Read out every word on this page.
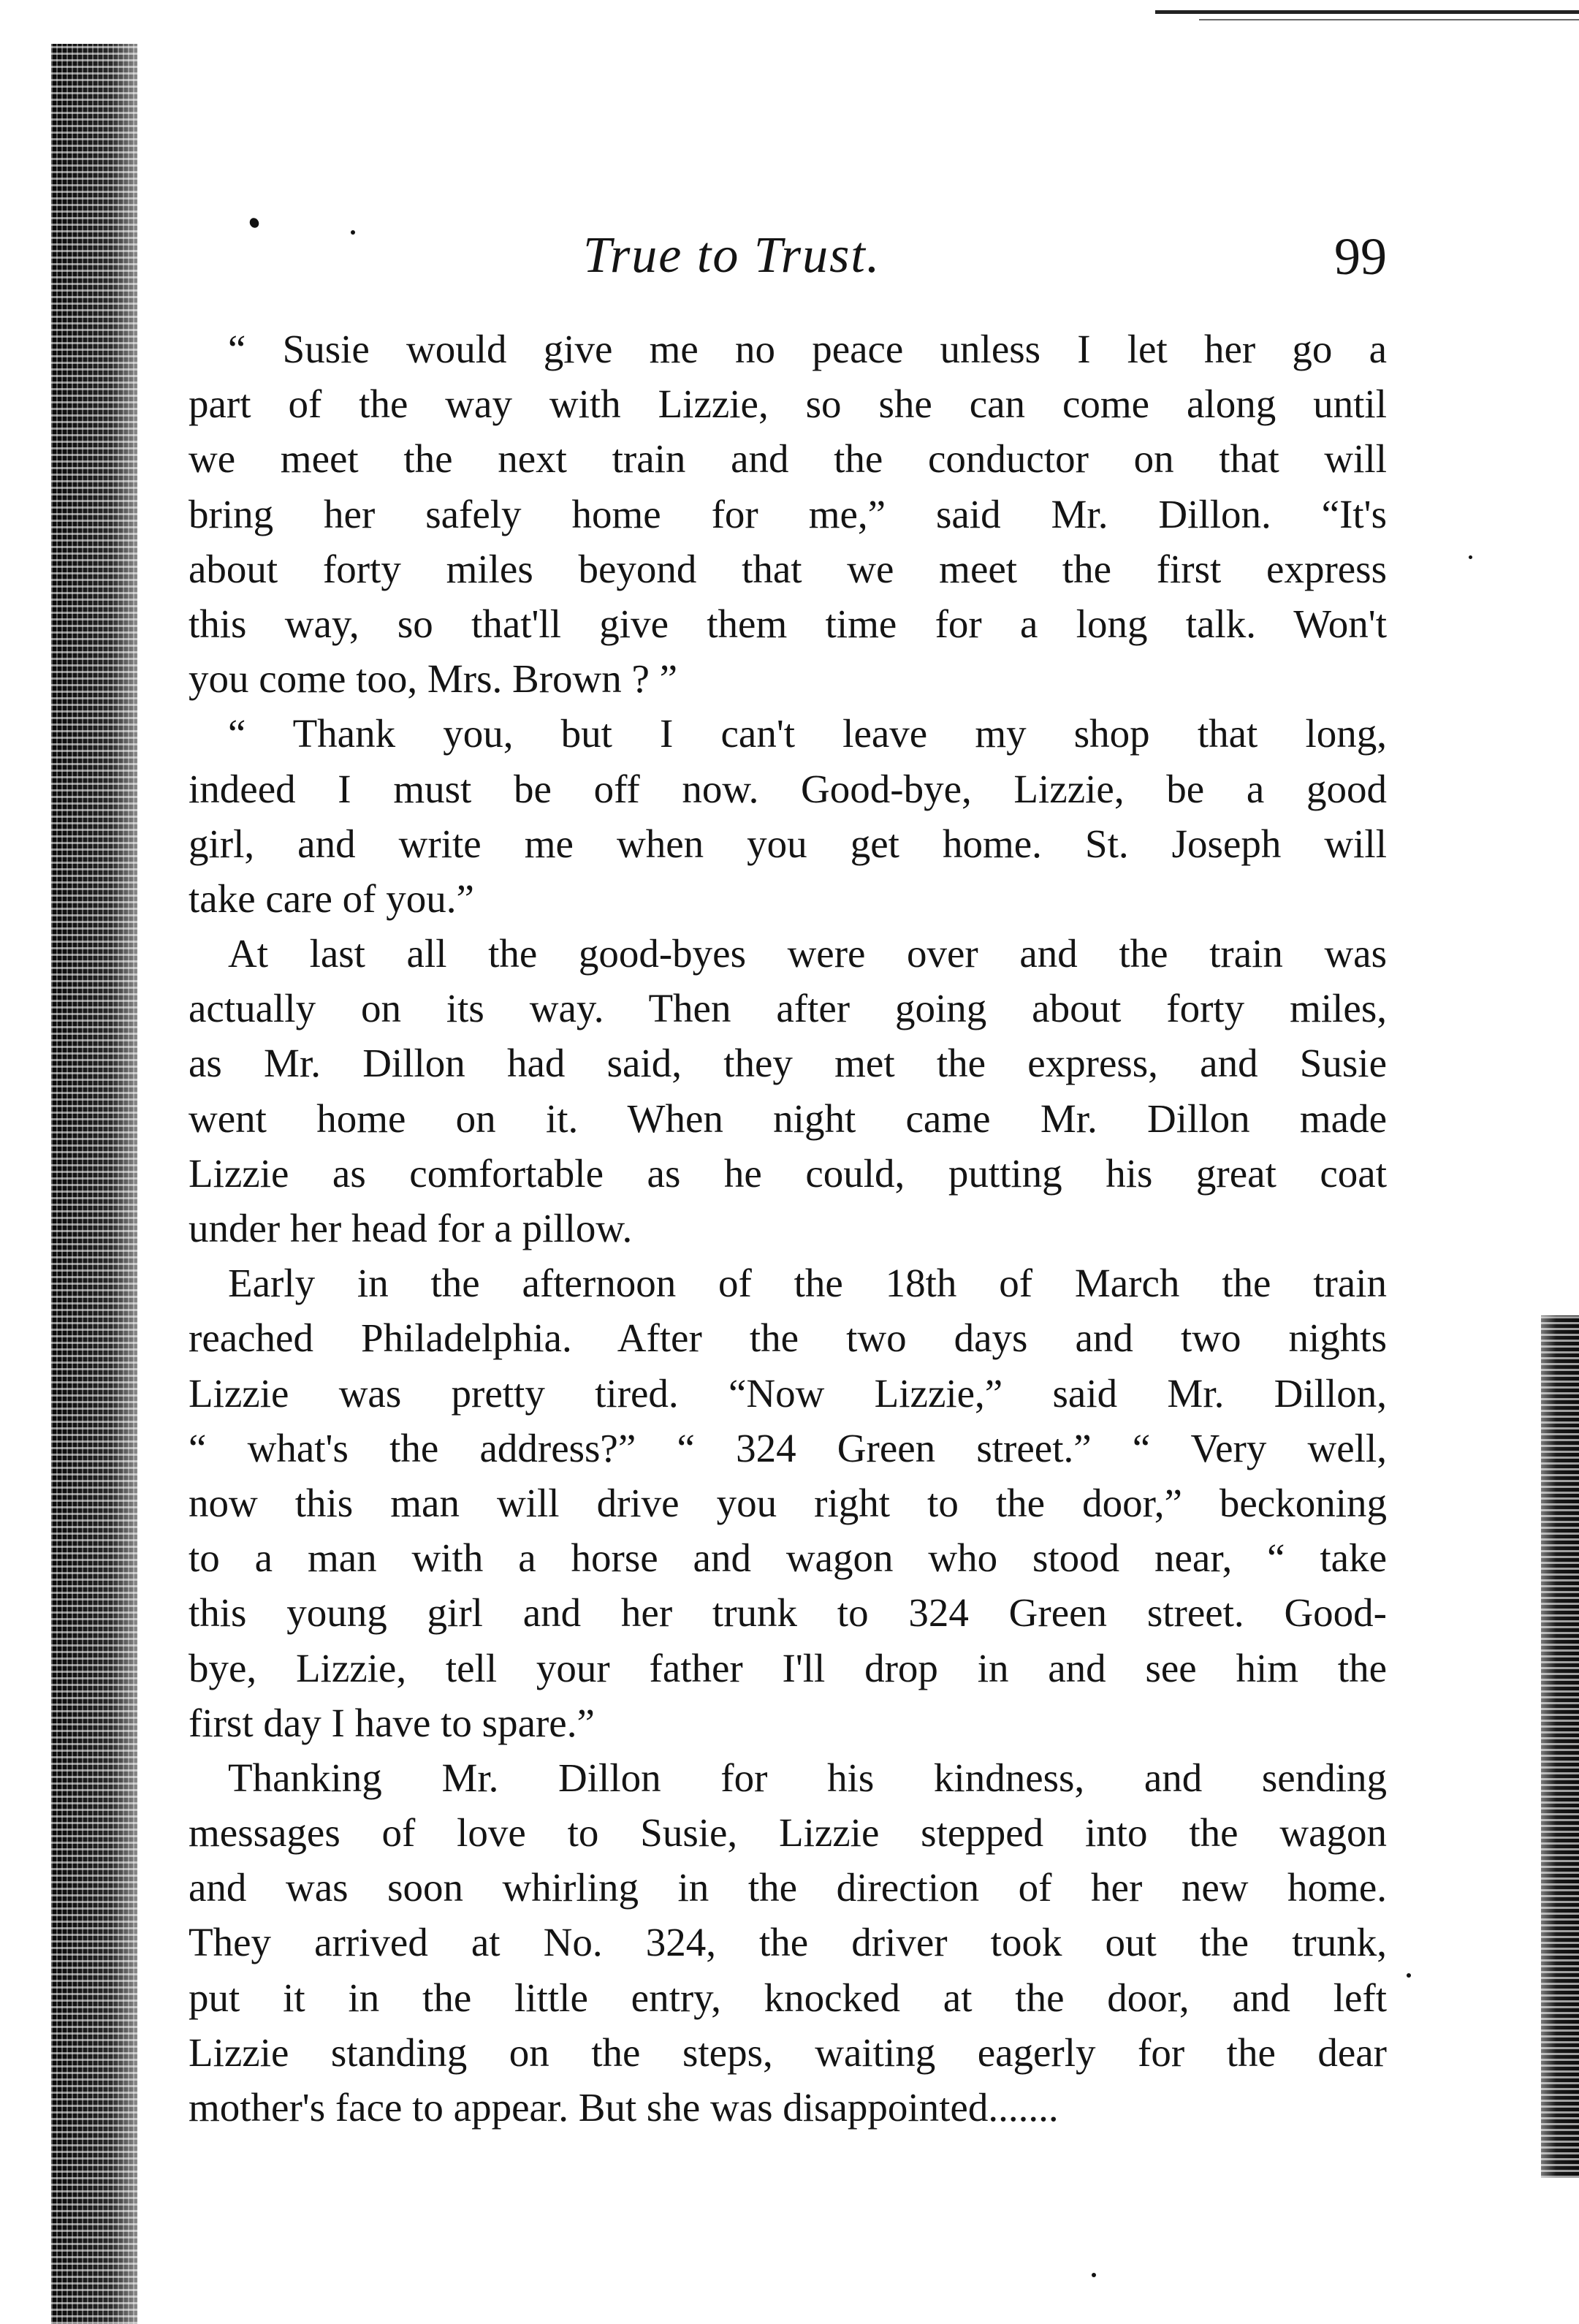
True to Trust.	99
“ Susie would give me no peace unless I let her go a
part of the way with Lizzie, so she can come along until
we meet the next train and the conductor on that will
bring her safely home for me,” said Mr. Dillon. “It's
about forty miles beyond that we meet the first express
this way, so that'll give them time for a long talk. Won't
you come too, Mrs. Brown ? ”
“ Thank you, but I can't leave my shop that long,
indeed I must be off now. Good-bye, Lizzie, be a good
girl, and write me when you get home. St. Joseph will
take care of you.”
At last all the good-byes were over and the train was
actually on its way. Then after going about forty miles,
as Mr. Dillon had said, they met the express, and Susie
went home on it. When night came Mr. Dillon made
Lizzie as comfortable as he could, putting his great coat
under her head for a pillow.
Early in the afternoon of the 18th of March the train
reached Philadelphia. After the two days and two nights
Lizzie was pretty tired. “Now Lizzie,” said Mr. Dillon,
“ what's the address?” “ 324 Green street.” “ Very well,
now this man will drive you right to the door,” beckoning
to a man with a horse and wagon who stood near, “ take
this young girl and her trunk to 324 Green street. Good-
bye, Lizzie, tell your father I'll drop in and see him the
first day I have to spare.”
Thanking Mr. Dillon for his kindness, and sending
messages of love to Susie, Lizzie stepped into the wagon
and was soon whirling in the direction of her new home.
They arrived at No. 324, the driver took out the trunk,
put it in the little entry, knocked at the door, and left
Lizzie standing on the steps, waiting eagerly for the dear
mother's face to appear. But she was disappointed.......
